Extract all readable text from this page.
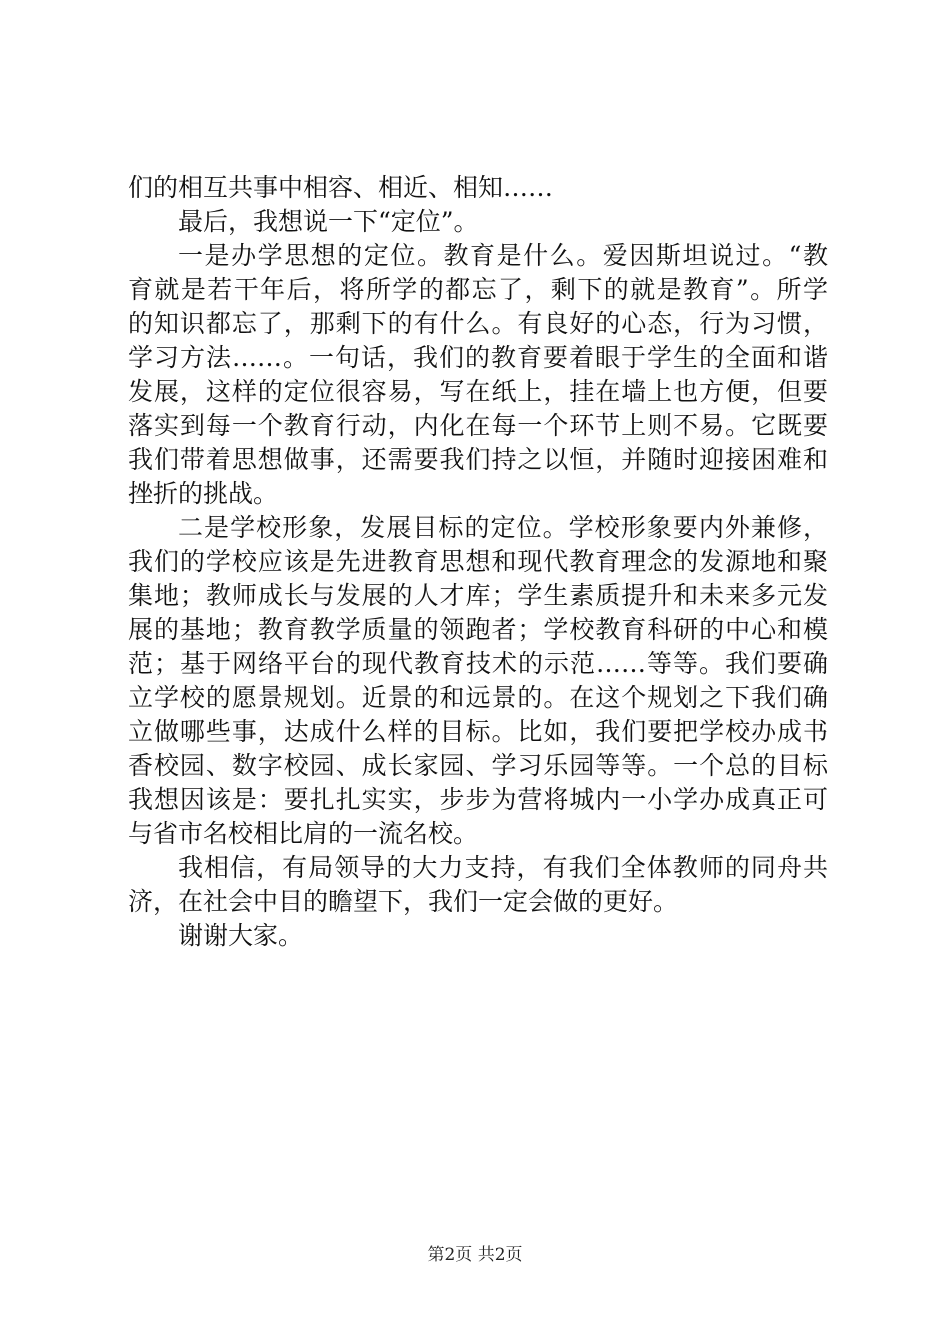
们的相互共事中相容、相近、相知……
最后，我想说一下“定位”。
一是办学思想的定位。教育是什么。爱因斯坦说过。“教
育就是若干年后，将所学的都忘了，剩下的就是教育”。所学
的知识都忘了，那剩下的有什么。有良好的心态，行为习惯，
学习方法……。一句话，我们的教育要着眼于学生的全面和谐
发展，这样的定位很容易，写在纸上，挂在墙上也方便，但要
落实到每一个教育行动，内化在每一个环节上则不易。它既要
我们带着思想做事，还需要我们持之以恒，并随时迎接困难和
挫折的挑战。
二是学校形象，发展目标的定位。学校形象要内外兼修，
我们的学校应该是先进教育思想和现代教育理念的发源地和聚
集地；教师成长与发展的人才库；学生素质提升和未来多元发
展的基地；教育教学质量的领跑者；学校教育科研的中心和模
范；基于网络平台的现代教育技术的示范……等等。我们要确
立学校的愿景规划。近景的和远景的。在这个规划之下我们确
立做哪些事，达成什么样的目标。比如，我们要把学校办成书
香校园、数字校园、成长家园、学习乐园等等。一个总的目标
我想因该是：要扎扎实实，步步为营将城内一小学办成真正可
与省市名校相比肩的一流名校。
我相信，有局领导的大力支持，有我们全体教师的同舟共
济，在社会中目的瞻望下，我们一定会做的更好。
谢谢大家。
第2页 共2页
